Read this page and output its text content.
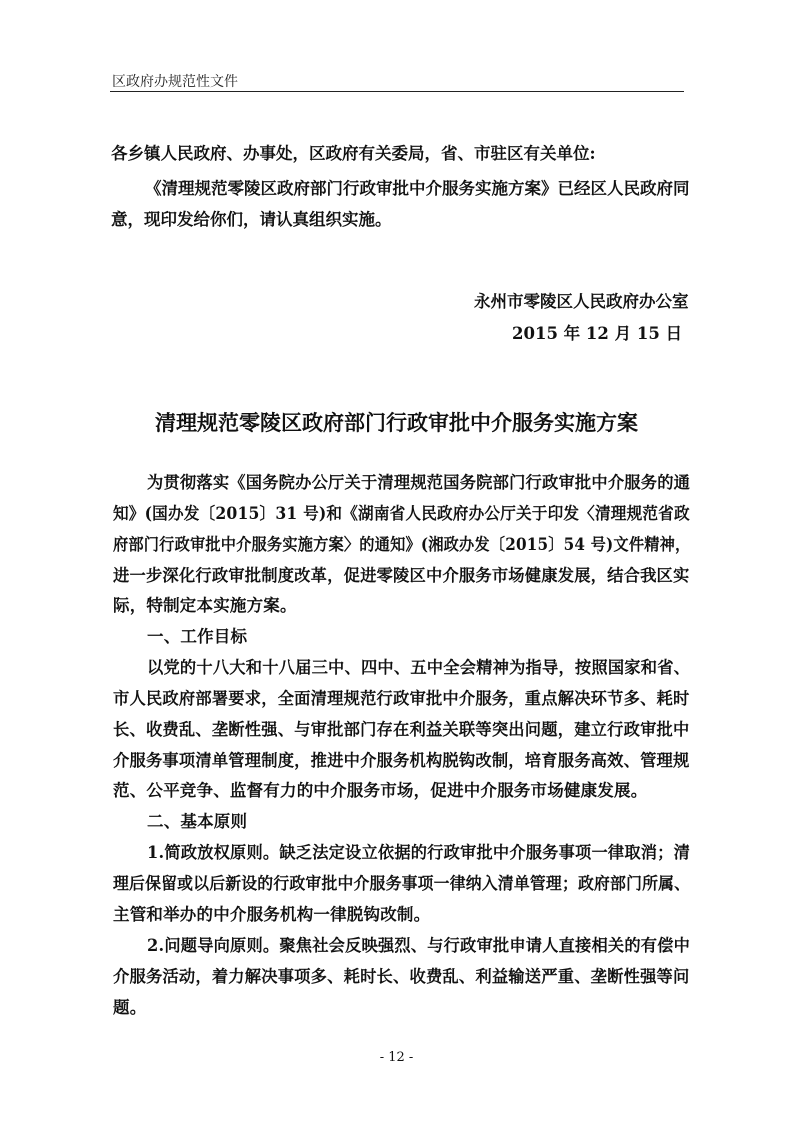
区政府办规范性文件
各乡镇人民政府、办事处，区政府有关委局，省、市驻区有关单位:
《清理规范零陵区政府部门行政审批中介服务实施方案》已经区人民政府同
意，现印发给你们，请认真组织实施。
永州市零陵区人民政府办公室
2015 年 12 月 15 日
清理规范零陵区政府部门行政审批中介服务实施方案
为贯彻落实《国务院办公厅关于清理规范国务院部门行政审批中介服务的通
知》(国办发〔2015〕31 号)和《湖南省人民政府办公厅关于印发〈清理规范省政
府部门行政审批中介服务实施方案〉的通知》(湘政办发〔2015〕54 号)文件精神，
进一步深化行政审批制度改革，促进零陵区中介服务市场健康发展，结合我区实
际，特制定本实施方案。
一、工作目标
以党的十八大和十八届三中、四中、五中全会精神为指导，按照国家和省、
市人民政府部署要求，全面清理规范行政审批中介服务，重点解决环节多、耗时
长、收费乱、垄断性强、与审批部门存在利益关联等突出问题，建立行政审批中
介服务事项清单管理制度，推进中介服务机构脱钩改制，培育服务高效、管理规
范、公平竞争、监督有力的中介服务市场，促进中介服务市场健康发展。
二、基本原则
1.简政放权原则。缺乏法定设立依据的行政审批中介服务事项一律取消；清
理后保留或以后新设的行政审批中介服务事项一律纳入清单管理；政府部门所属、
主管和举办的中介服务机构一律脱钩改制。
2.问题导向原则。聚焦社会反映强烈、与行政审批申请人直接相关的有偿中
介服务活动，着力解决事项多、耗时长、收费乱、利益输送严重、垄断性强等问
题。
- 12 -
